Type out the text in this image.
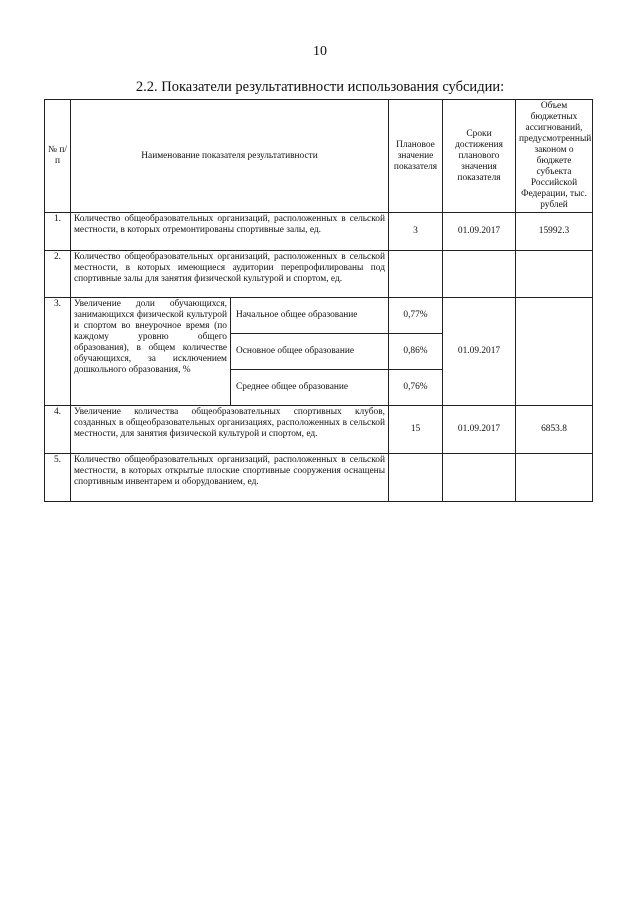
10
2.2. Показатели результативности использования субсидии:
№ п/п	Наименование показателя результативности		Плановое значение показателя	Сроки достижения планового значения показателя	Объем бюджетных ассигнований, предусмотренный законом о бюджете субъекта Российской Федерации, тыс. рублей
1.	Количество общеобразовательных организаций, расположенных в сельской местности, в которых отремонтированы спортивные залы, ед.		3	01.09.2017	15992.3
2.	Количество общеобразовательных организаций, расположенных в сельской местности, в которых имеющиеся аудитории перепрофилированы под спортивные залы для занятия физической культурой и спортом, ед.				
3.	Увеличение доли обучающихся, занимающихся физической культурой и спортом во внеурочное время (по каждому уровню общего образования), в общем количестве обучающихся, за исключением дошкольного образования, %	Начальное общее образование	0,77%	01.09.2017	
		Основное общее образование	0,86%		
		Среднее общее образование	0,76%		
4.	Увеличение количества общеобразовательных спортивных клубов, созданных в общеобразовательных организациях, расположенных в сельской местности, для занятия физической культурой и спортом, ед.		15	01.09.2017	6853.8
5.	Количество общеобразовательных организаций, расположенных в сельской местности, в которых открытые плоские спортивные сооружения оснащены спортивным инвентарем и оборудованием, ед.				
